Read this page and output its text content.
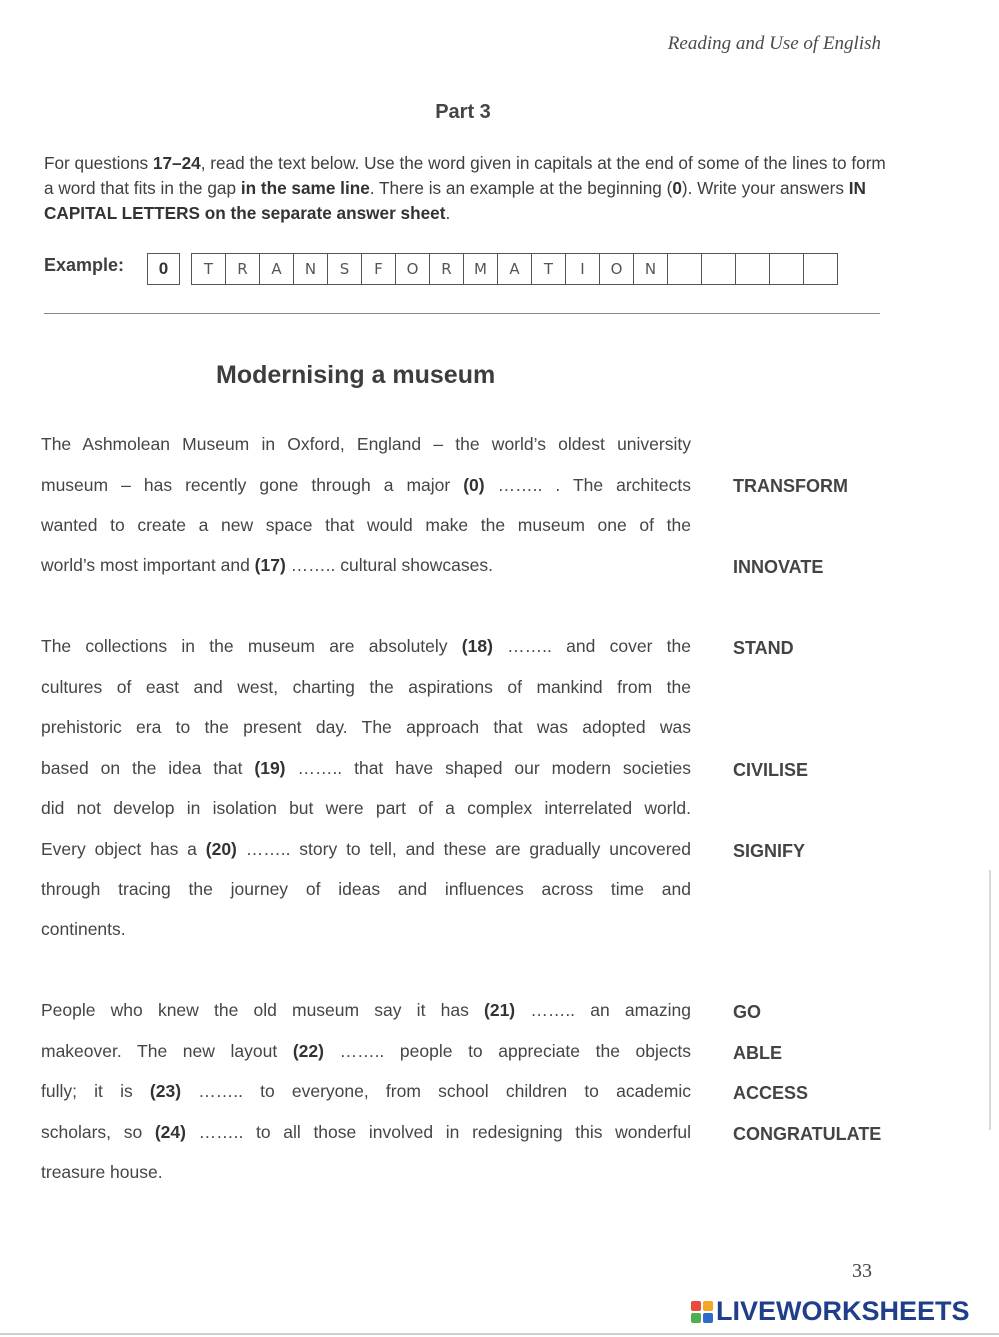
Reading and Use of English
Part 3
For questions 17–24, read the text below. Use the word given in capitals at the end of some of the lines to form a word that fits in the gap in the same line. There is an example at the beginning (0). Write your answers IN CAPITAL LETTERS on the separate answer sheet.
Example:	0	T	R	A	N	S	F	O	R	M	A	T	I	O	N
Modernising a museum
The Ashmolean Museum in Oxford, England – the world’s oldest university
museum – has recently gone through a major (0) …….. . The architects
wanted to create a new space that would make the museum one of the
world’s most important and (17) …….. cultural showcases.
TRANSFORM
INNOVATE
The collections in the museum are absolutely (18) …….. and cover the
cultures of east and west, charting the aspirations of mankind from the
prehistoric era to the present day. The approach that was adopted was
based on the idea that (19) …….. that have shaped our modern societies
did not develop in isolation but were part of a complex interrelated world.
Every object has a (20) …….. story to tell, and these are gradually uncovered
through tracing the journey of ideas and influences across time and
continents.
STAND
CIVILISE
SIGNIFY
People who knew the old museum say it has (21) …….. an amazing
makeover. The new layout (22) …….. people to appreciate the objects
fully; it is (23) …….. to everyone, from school children to academic
scholars, so (24) …….. to all those involved in redesigning this wonderful
treasure house.
GO
ABLE
ACCESS
CONGRATULATE
33
LIVEWORKSHEETS
